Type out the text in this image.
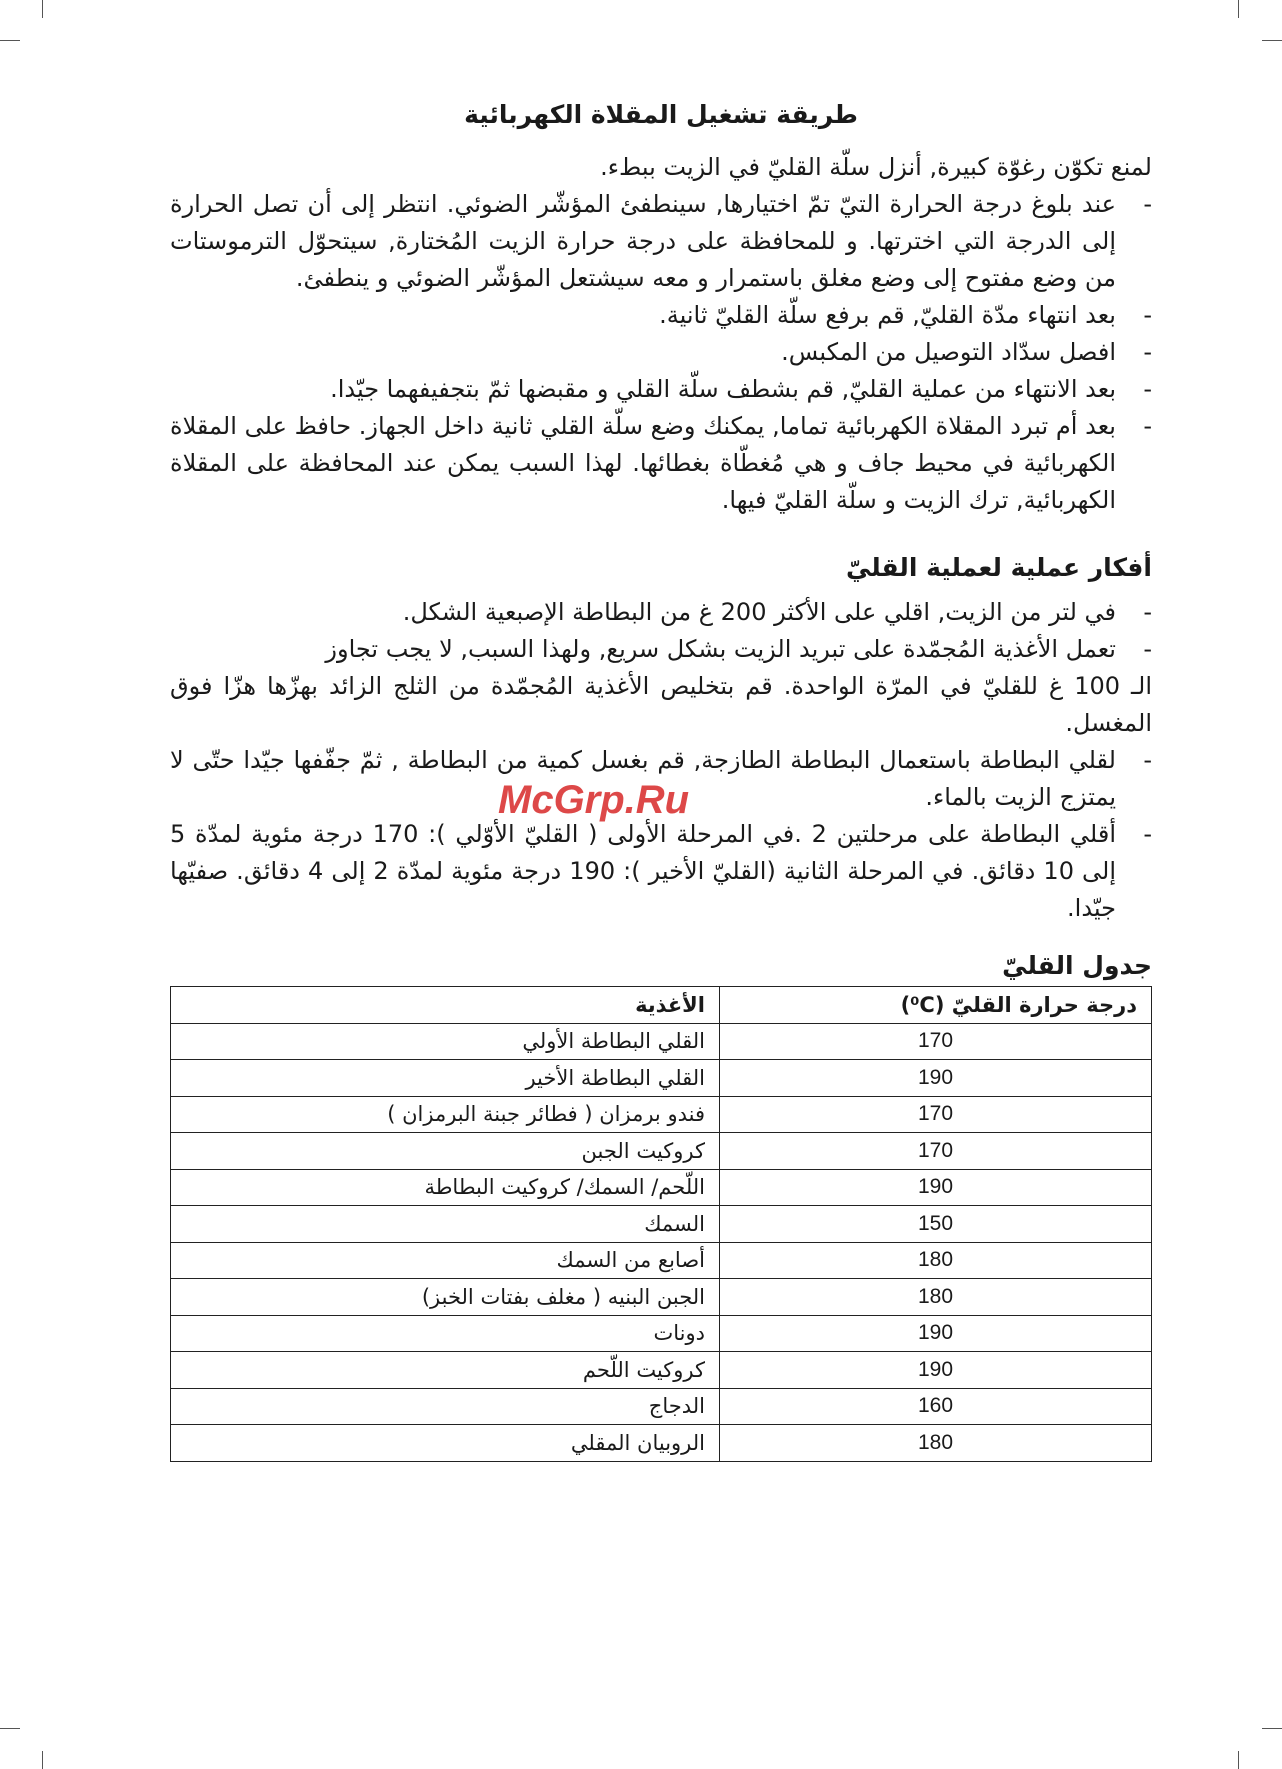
طريقة تشغيل المقلاة الكهربائية

لمنع تكوّن رغوّة كبيرة, أنزل سلّة القليّ في الزيت ببطء.

-
عند بلوغ درجة الحرارة التيّ تمّ اختيارها, سينطفئ المؤشّر الضوئي. انتظر إلى أن تصل الحرارة إلى الدرجة التي اخترتها. و للمحافظة على درجة حرارة الزيت المُختارة, سيتحوّل الترموستات من وضع مفتوح إلى وضع مغلق باستمرار و معه سيشتعل المؤشّر الضوئي و ينطفئ.
-
بعد انتهاء مدّة القليّ, قم برفع سلّة القليّ ثانية.
-
افصل سدّاد التوصيل من المكبس.
-
بعد الانتهاء من عملية القليّ, قم بشطف سلّة القلي و مقبضها ثمّ بتجفيفهما جيّدا.
-
بعد أم تبرد المقلاة الكهربائية تماما, يمكنك وضع سلّة القلي ثانية داخل الجهاز. حافظ على المقلاة الكهربائية في محيط جاف و هي مُغطّاة بغطائها. لهذا السبب يمكن عند المحافظة على المقلاة الكهربائية, ترك الزيت و سلّة القليّ فيها.
أفكار عملية لعملية القليّ
-
في لتر من الزيت, اقلي على الأكثر 200 غ من البطاطة الإصبعية الشكل.
-
تعمل الأغذية المُجمّدة على تبريد الزيت بشكل سريع, ولهذا السبب, لا يجب تجاوز
الـ 100 غ للقليّ في المرّة الواحدة. قم بتخليص الأغذية المُجمّدة من الثلج الزائد بهزّها هزّا فوق المغسل.
-
لقلي البطاطة باستعمال البطاطة الطازجة, قم بغسل كمية من البطاطة , ثمّ جفّفها جيّدا حتّى لا يمتزج الزيت بالماء.
-
أقلي البطاطة على مرحلتين 2 .في المرحلة الأولى ( القليّ الأوّلي ): 170 درجة مئوية لمدّة 5 إلى 10 دقائق. في المرحلة الثانية (القليّ الأخير ): 190 درجة مئوية لمدّة 2 إلى 4 دقائق. صفيّها جيّدا.
جدول القليّ
درجة حرارة القليّ (⁰C)	الأغذية
170	القلي البطاطة الأولي
190	القلي البطاطة الأخير
170	فندو برمزان ( فطائر جبنة البرمزان )
170	كروكيت الجبن
190	اللّحم/ السمك/ كروكيت البطاطة
150	السمك
180	أصابع من السمك
180	الجبن البنيه ( مغلف بفتات الخبز)
190	دونات
190	كروكيت اللّحم
160	الدجاج
180	الروبيان المقلي
McGrp.Ru
